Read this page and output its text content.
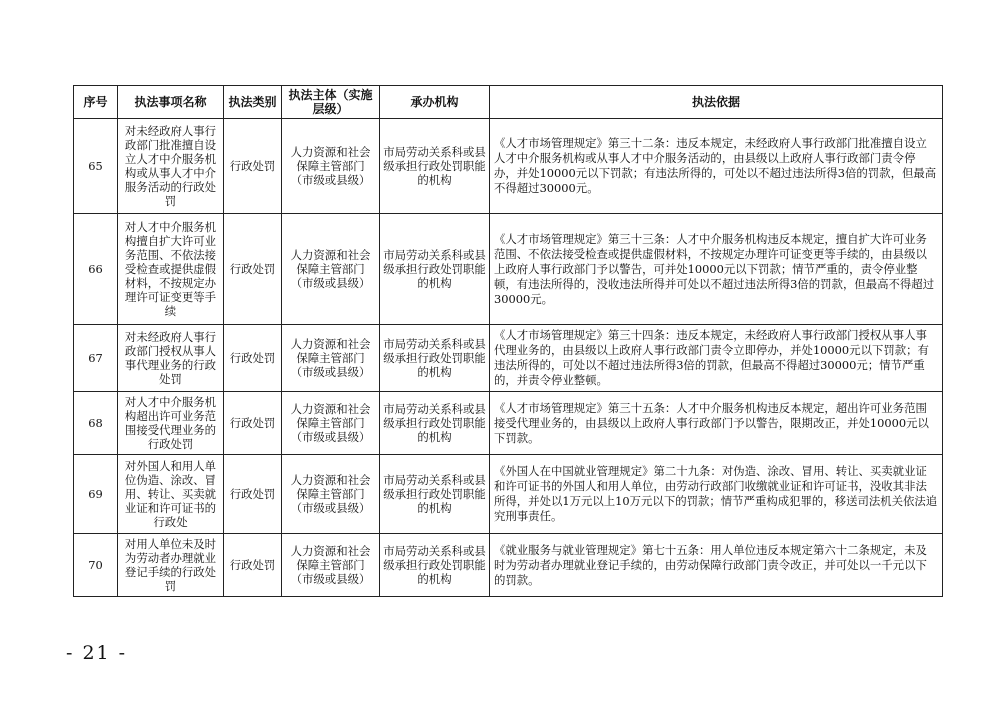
序号	执法事项名称	执法类别	执法主体（实施层级）	承办机构	执法依据
65	对未经政府人事行政部门批准擅自设立人才中介服务机构或从事人才中介服务活动的行政处罚	行政处罚	人力资源和社会保障主管部门（市级或县级）	市局劳动关系科或县级承担行政处罚职能的机构	《人才市场管理规定》第三十二条：违反本规定，未经政府人事行政部门批准擅自设立人才中介服务机构或从事人才中介服务活动的，由县级以上政府人事行政部门责令停办，并处10000元以下罚款；有违法所得的，可处以不超过违法所得3倍的罚款，但最高不得超过30000元。
66	对人才中介服务机构擅自扩大许可业务范围、不依法接受检查或提供虚假材料，不按规定办理许可证变更等手续	行政处罚	人力资源和社会保障主管部门（市级或县级）	市局劳动关系科或县级承担行政处罚职能的机构	《人才市场管理规定》第三十三条：人才中介服务机构违反本规定，擅自扩大许可业务范围、不依法接受检查或提供虚假材料，不按规定办理许可证变更等手续的，由县级以上政府人事行政部门予以警告，可并处10000元以下罚款；情节严重的，责令停业整顿，有违法所得的，没收违法所得并可处以不超过违法所得3倍的罚款，但最高不得超过30000元。
67	对未经政府人事行政部门授权从事人事代理业务的行政处罚	行政处罚	人力资源和社会保障主管部门（市级或县级）	市局劳动关系科或县级承担行政处罚职能的机构	《人才市场管理规定》第三十四条：违反本规定，未经政府人事行政部门授权从事人事代理业务的，由县级以上政府人事行政部门责令立即停办，并处10000元以下罚款；有违法所得的，可处以不超过违法所得3倍的罚款，但最高不得超过30000元；情节严重的，并责令停业整顿。
68	对人才中介服务机构超出许可业务范围接受代理业务的行政处罚	行政处罚	人力资源和社会保障主管部门（市级或县级）	市局劳动关系科或县级承担行政处罚职能的机构	《人才市场管理规定》第三十五条：人才中介服务机构违反本规定，超出许可业务范围接受代理业务的，由县级以上政府人事行政部门予以警告，限期改正，并处10000元以下罚款。
69	对外国人和用人单位伪造、涂改、冒用、转让、买卖就业证和许可证书的行政处	行政处罚	人力资源和社会保障主管部门（市级或县级）	市局劳动关系科或县级承担行政处罚职能的机构	《外国人在中国就业管理规定》第二十九条：对伪造、涂改、冒用、转让、买卖就业证和许可证书的外国人和用人单位，由劳动行政部门收缴就业证和许可证书，没收其非法所得，并处以1万元以上10万元以下的罚款；情节严重构成犯罪的，移送司法机关依法追究刑事责任。
70	对用人单位未及时为劳动者办理就业登记手续的行政处罚	行政处罚	人力资源和社会保障主管部门（市级或县级）	市局劳动关系科或县级承担行政处罚职能的机构	《就业服务与就业管理规定》第七十五条：用人单位违反本规定第六十二条规定，未及时为劳动者办理就业登记手续的，由劳动保障行政部门责令改正，并可处以一千元以下的罚款。
- 21 -
